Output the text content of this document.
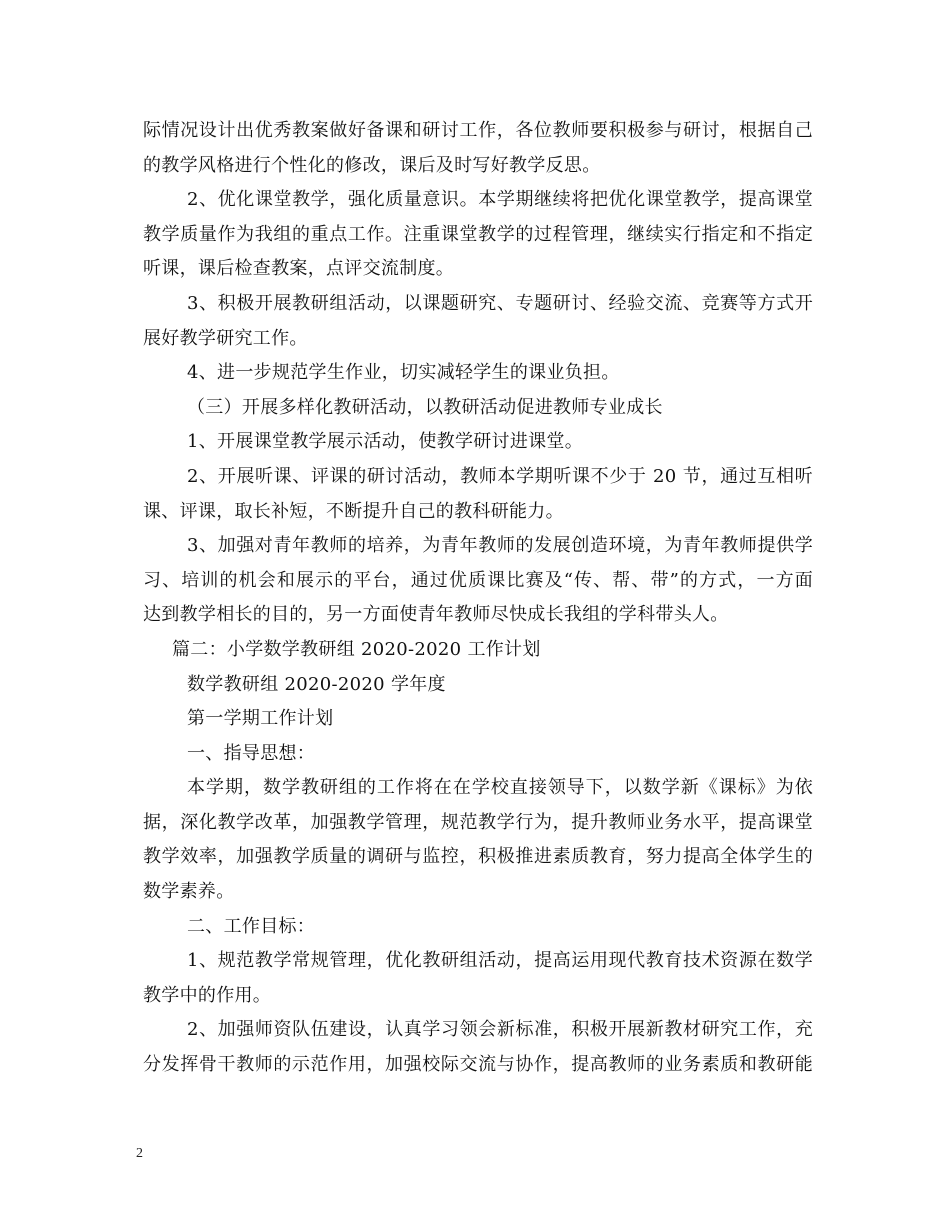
际情况设计出优秀教案做好备课和研讨工作，各位教师要积极参与研讨，根据自己
的教学风格进行个性化的修改，课后及时写好教学反思。
2、优化课堂教学，强化质量意识。本学期继续将把优化课堂教学，提高课堂
教学质量作为我组的重点工作。注重课堂教学的过程管理，继续实行指定和不指定
听课，课后检查教案，点评交流制度。
3、积极开展教研组活动，以课题研究、专题研讨、经验交流、竞赛等方式开
展好教学研究工作。
4、进一步规范学生作业，切实减轻学生的课业负担。
（三）开展多样化教研活动，以教研活动促进教师专业成长
1、开展课堂教学展示活动，使教学研讨进课堂。
2、开展听课、评课的研讨活动，教师本学期听课不少于 20 节，通过互相听
课、评课，取长补短，不断提升自己的教科研能力。
3、加强对青年教师的培养，为青年教师的发展创造环境，为青年教师提供学
习、培训的机会和展示的平台，通过优质课比赛及“传、帮、带”的方式，一方面
达到教学相长的目的，另一方面使青年教师尽快成长我组的学科带头人。
篇二：小学数学教研组 2020-2020 工作计划
数学教研组 2020-2020 学年度
第一学期工作计划
一、指导思想：
本学期，数学教研组的工作将在在学校直接领导下，以数学新《课标》为依
据，深化教学改革，加强教学管理，规范教学行为，提升教师业务水平，提高课堂
教学效率，加强教学质量的调研与监控，积极推进素质教育，努力提高全体学生的
数学素养。
二、工作目标：
1、规范教学常规管理，优化教研组活动，提高运用现代教育技术资源在数学
教学中的作用。
2、加强师资队伍建设，认真学习领会新标准，积极开展新教材研究工作，充
分发挥骨干教师的示范作用，加强校际交流与协作，提高教师的业务素质和教研能
2
